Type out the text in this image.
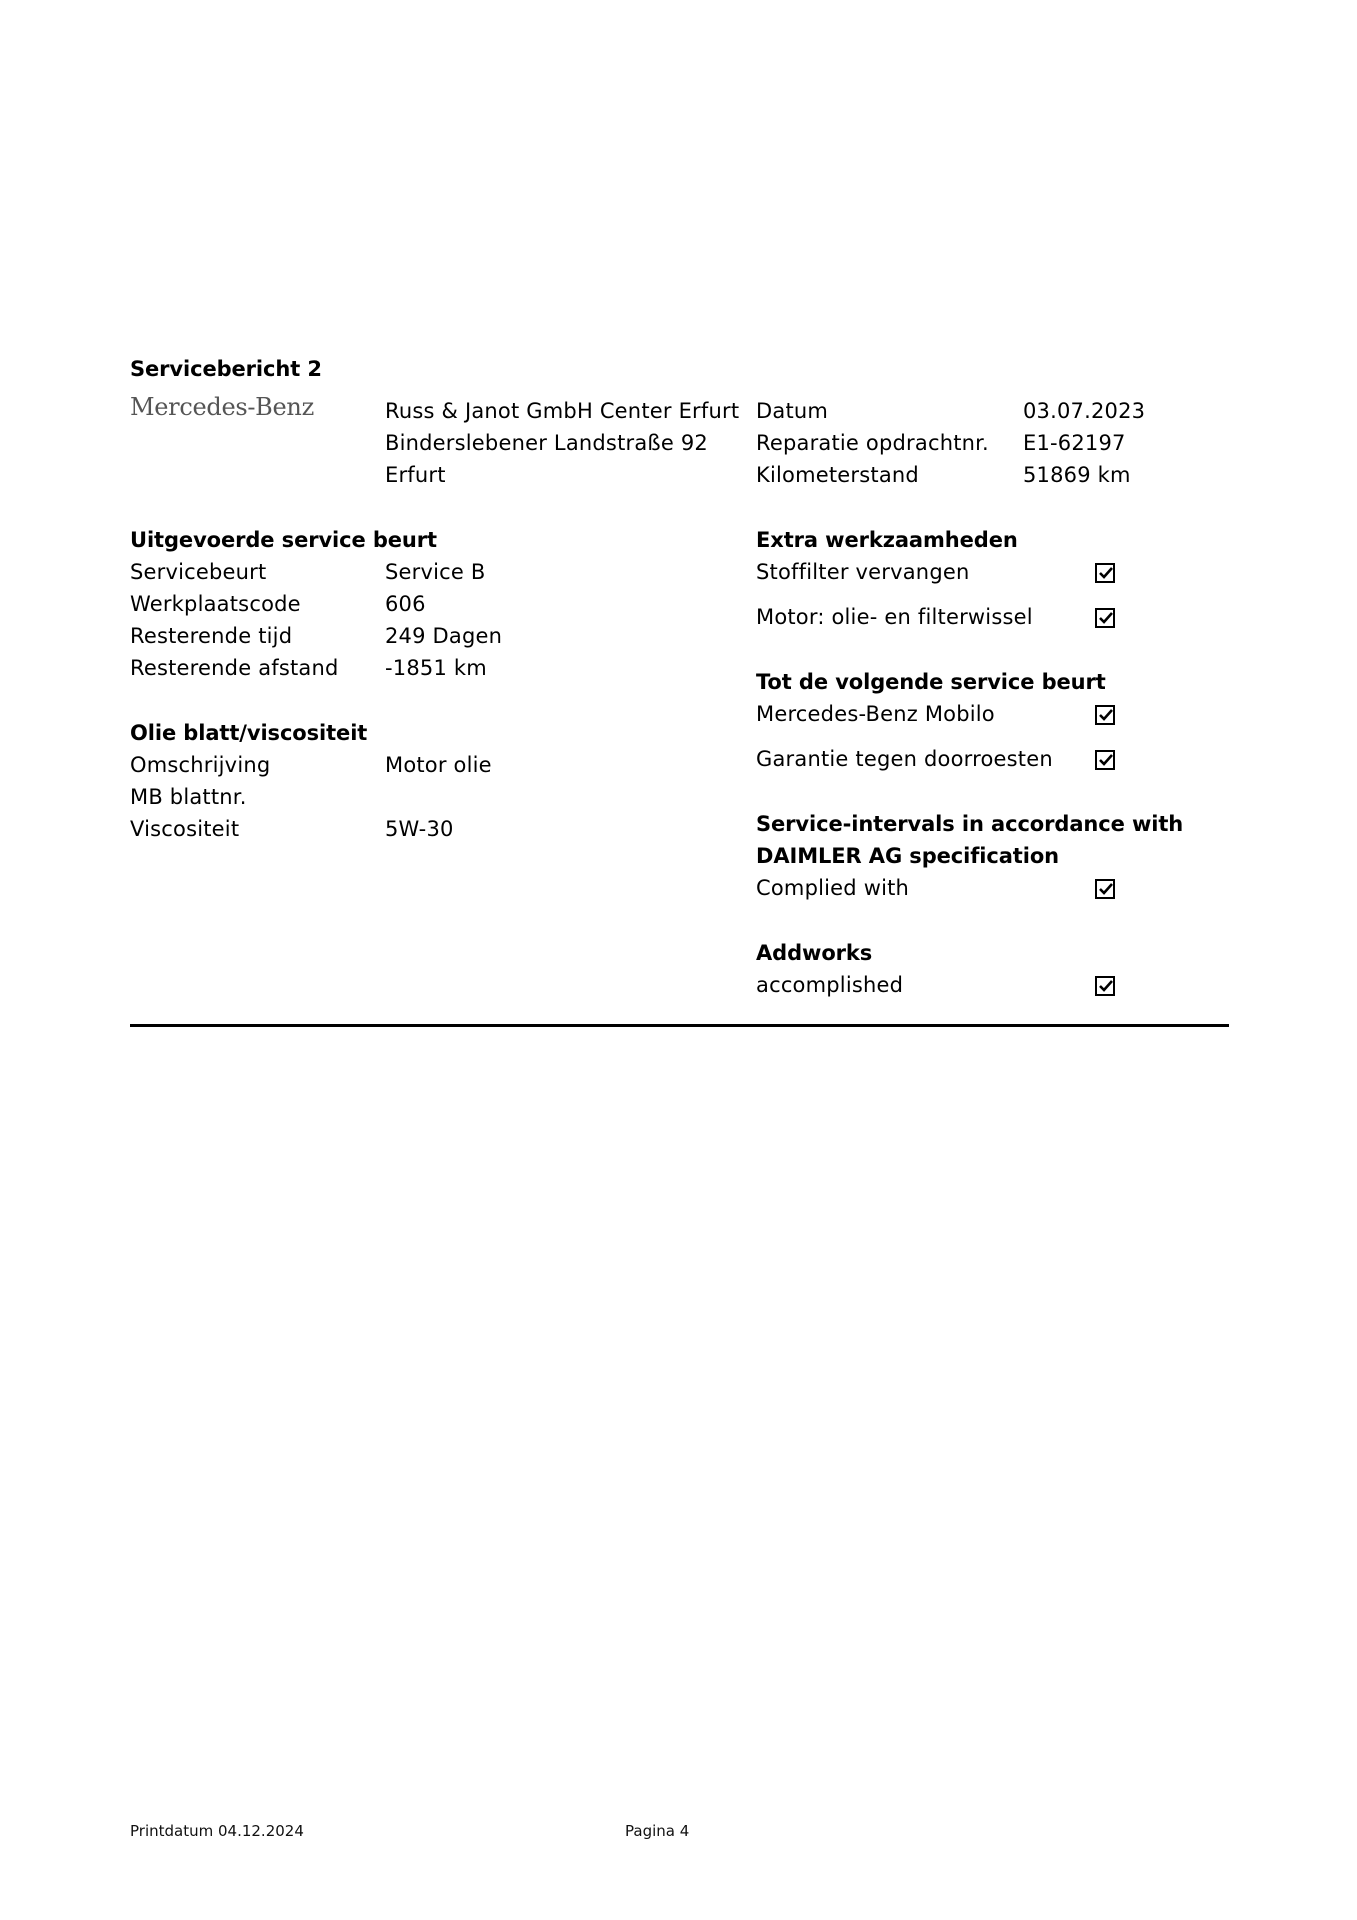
Servicebericht 2
Mercedes-Benz	Russ & Janot GmbH Center Erfurt
Binderslebener Landstraße 92
Erfurt
Datum	03.07.2023
Reparatie opdrachtnr. E1-62197
Kilometerstand	51869 km
Uitgevoerde service beurt
Servicebeurt	Service B
Werkplaatscode	606
Resterende tijd	249 Dagen
Resterende afstand -1851 km
Olie blatt/viscositeit
Omschrijving	Motor olie
MB blattnr.
Viscositeit	5W-30
Extra werkzaamheden
Stoffilter vervangen
Motor: olie- en filterwissel
Tot de volgende service beurt
Mercedes-Benz Mobilo
Garantie tegen doorroesten
Service-intervals in accordance with
DAIMLER AG specification
Complied with
Addworks
accomplished
Printdatum 04.12.2024	Pagina 4
